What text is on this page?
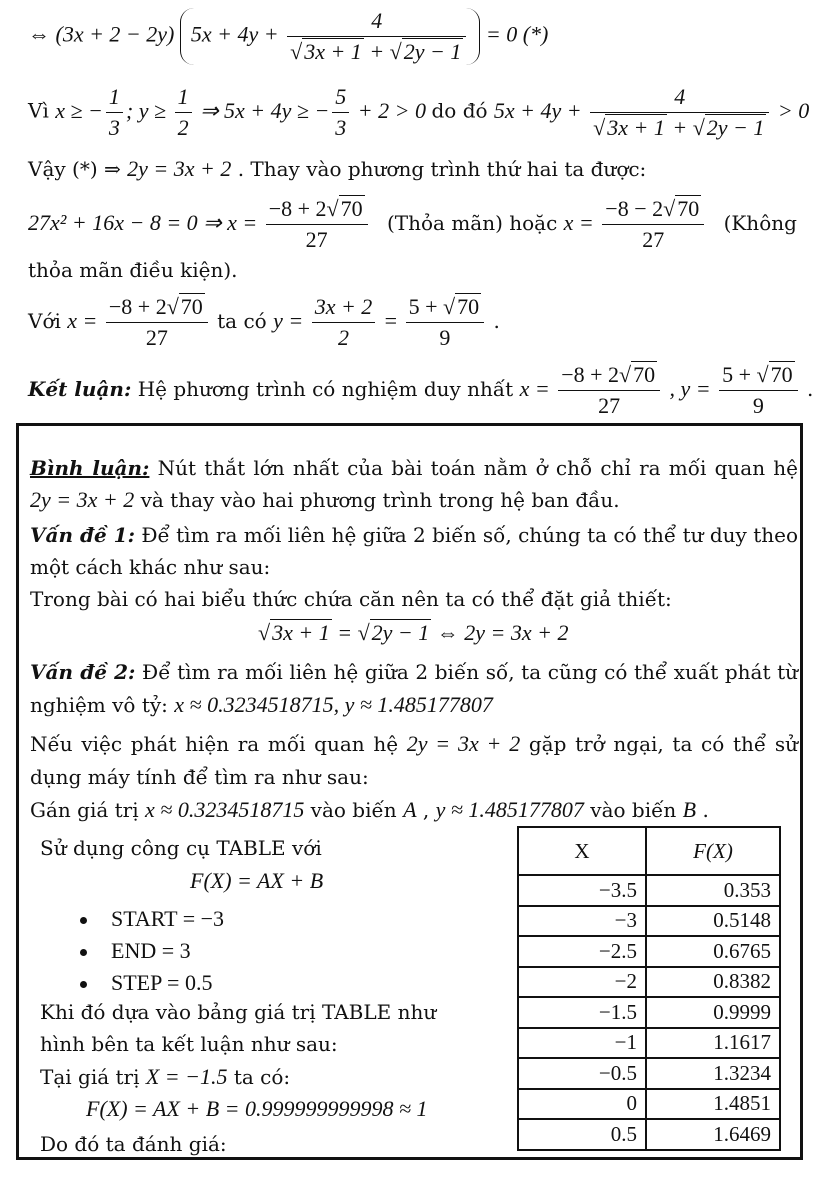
⇔ (3x + 2 − 2y) $5x + 4y + \frac{4}{√3x + 1 + √2y - 1} = 0$ (*)
Vì x ≥ − $\frac{1}{3}$ ; $y \ge \frac{1}{2}$ ⇒ 5x + 4y ≥ − $\frac{5}{3} + 2 > 0$ do đó $5x + 4y + \frac{4}{√3x + 1 + √2y - 1} > 0$
Vậy (*) ⇒ 2y = 3x + 2 . Thay vào phương trình thứ hai ta được:
27x² + 16x − 8 = 0 ⇒ $x = \frac{-8 + 2√70}{27}$ (Thỏa mãn) hoặc $x = \frac{-8 - 2√70}{27}$ (Không
thỏa mãn điều kiện).
Với $x = \frac{-8 + 2√70}{27}$ ta có $y = \frac{3x + 2}{2} = \frac{5 + √70}{9}$ .
Kết luận: Hệ phương trình có nghiệm duy nhất $x = \frac{-8 + 2√70}{27}$ , $y = \frac{5 + √70}{9}$ .
Bình luận: Nút thắt lớn nhất của bài toán nằm ở chỗ chỉ ra mối quan hệ
2y = 3x + 2 và thay vào hai phương trình trong hệ ban đầu.
Vấn đề 1: Để tìm ra mối liên hệ giữa 2 biến số, chúng ta có thể tư duy theo
một cách khác như sau:
Trong bài có hai biểu thức chứa căn nên ta có thể đặt giả thiết:
√3x + 1 = √2y − 1 ⇔ 2y = 3x + 2
Vấn đề 2: Để tìm ra mối liên hệ giữa 2 biến số, ta cũng có thể xuất phát từ
nghiệm vô tỷ: x ≈ 0.3234518715, y ≈ 1.485177807
Nếu việc phát hiện ra mối quan hệ 2y = 3x + 2 gặp trở ngại, ta có thể sử
dụng máy tính để tìm ra như sau:
Gán giá trị x ≈ 0.3234518715 vào biến A , y ≈ 1.485177807 vào biến B .
Sử dụng công cụ TABLE với
F(X) = AX + B
START = −3
END = 3
STEP = 0.5
Khi đó dựa vào bảng giá trị TABLE như
hình bên ta kết luận như sau:
Tại giá trị X = −1.5 ta có:
F(X) = AX + B = 0.999999999998 ≈ 1
Do đó ta đánh giá:
X	F(X)
−3.5	0.353
−3	0.5148
−2.5	0.6765
−2	0.8382
−1.5	0.9999
−1	1.1617
−0.5	1.3234
0	1.4851
0.5	1.6469
